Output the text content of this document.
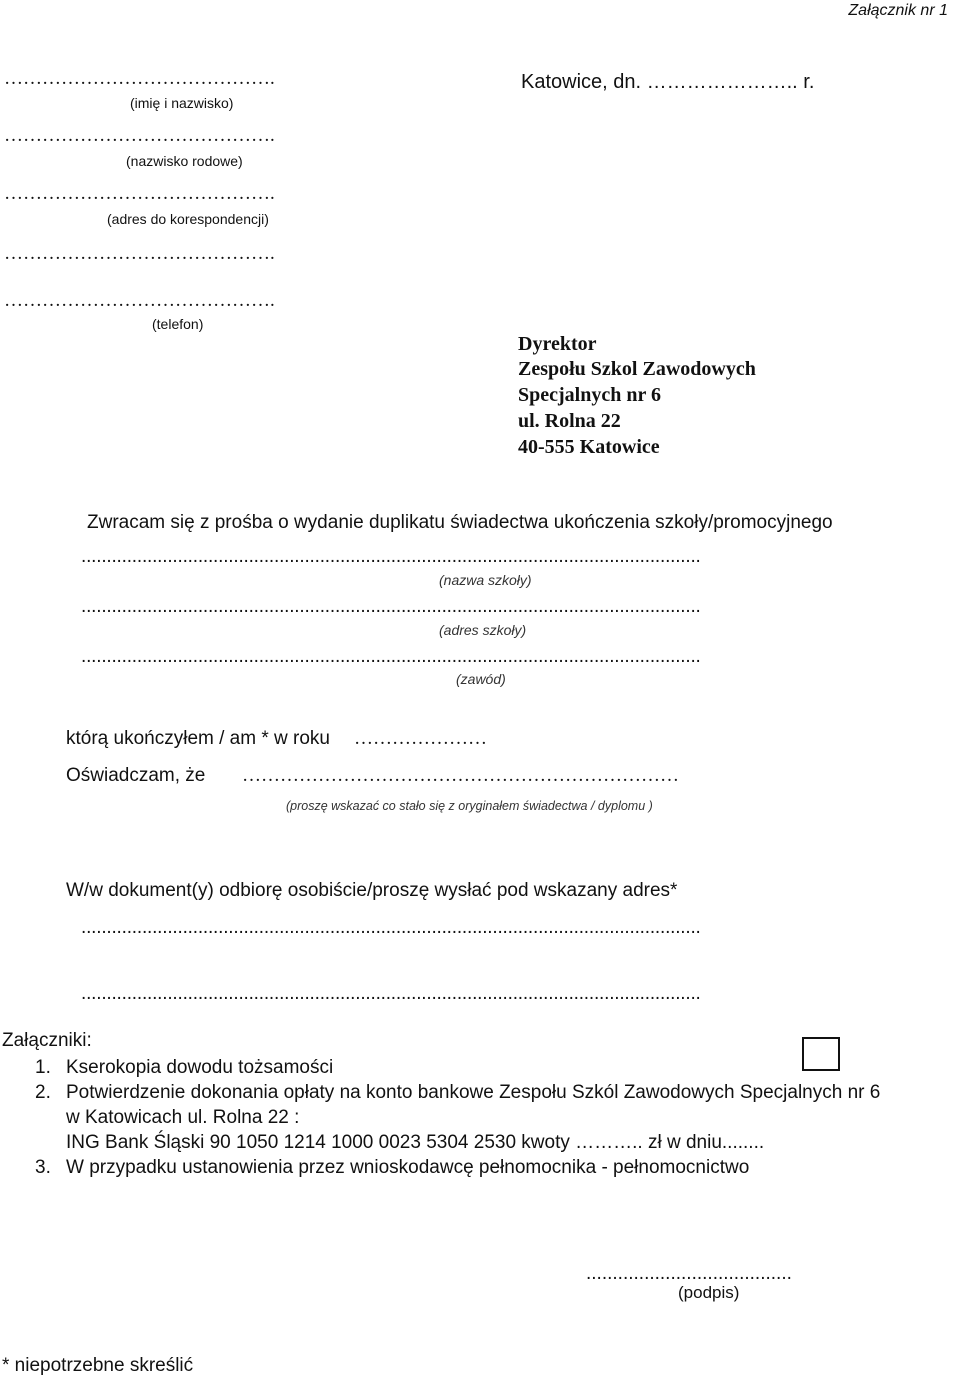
Załącznik nr 1
…………………………………….
(imię i nazwisko)
…………………………………….
(nazwisko rodowe)
…………………………………….
(adres do korespondencji)
…………………………………….
…………………………………….
(telefon)
Katowice, dn. ………………….. r.
Dyrektor
Zespołu Szkol Zawodowych
Specjalnych nr 6
ul. Rolna 22
40-555 Katowice
Zwracam się z prośba o wydanie duplikatu świadectwa ukończenia szkoły/promocyjnego
..........................................................................................................................
(nazwa szkoły)
..........................................................................................................................
(adres szkoły)
..........................................................................................................................
(zawód)
którą ukończyłem / am * w roku …………………
Oświadczam, że ……………………………………………………………
(proszę wskazać co stało się z oryginałem świadectwa / dyplomu )
W/w dokument(y) odbiorę osobiście/proszę wysłać pod wskazany adres*
..........................................................................................................................
..........................................................................................................................
Załączniki:
1. Kserokopia dowodu tożsamości
2. Potwierdzenie dokonania opłaty na konto bankowe Zespołu Szkól Zawodowych Specjalnych nr 6
w Katowicach ul. Rolna 22 :
ING Bank Śląski 90 1050 1214 1000 0023 5304 2530 kwoty ……….. zł w dniu........
3. W przypadku ustanowienia przez wnioskodawcę pełnomocnika - pełnomocnictwo
.......................................
(podpis)
* niepotrzebne skreślić
